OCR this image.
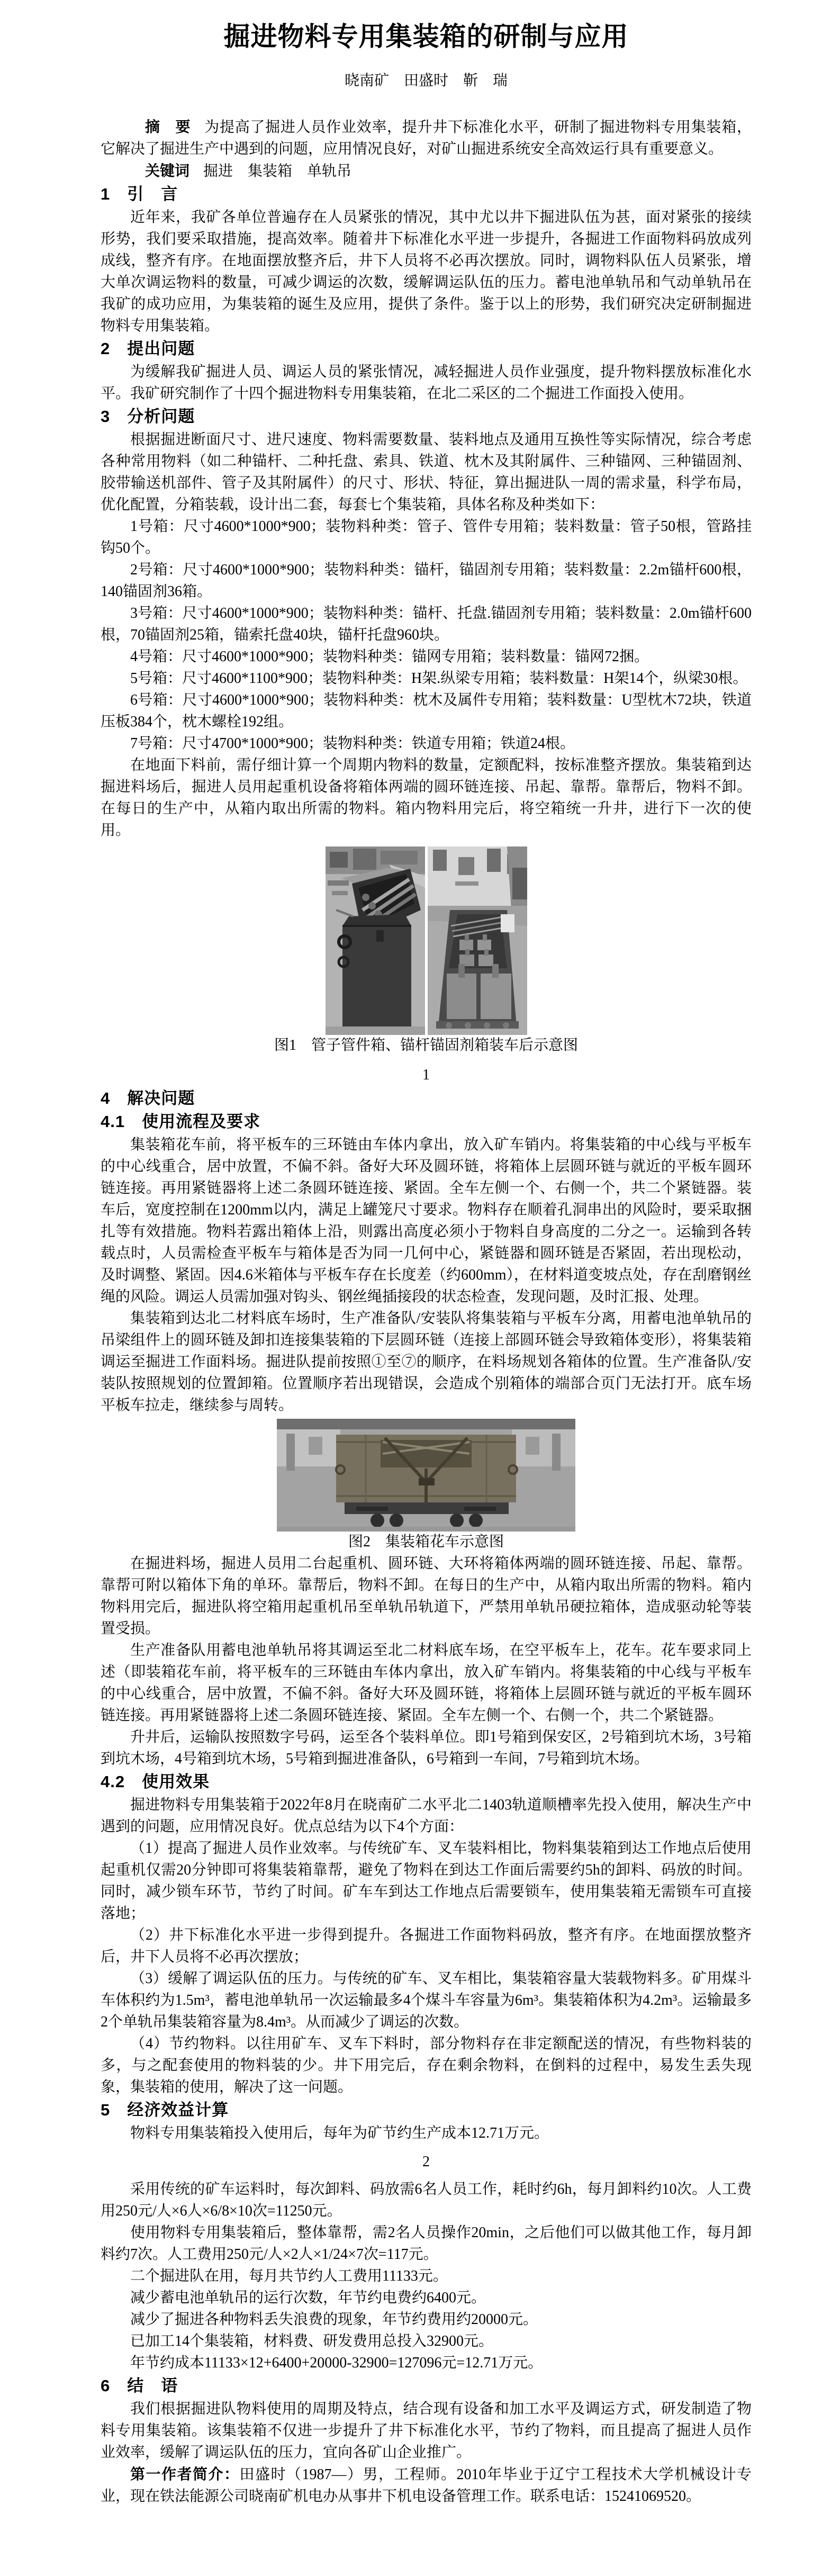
掘进物料专用集装箱的研制与应用
晓南矿　田盛时　靳　瑞

摘　要 为提高了掘进人员作业效率，提升井下标准化水平，研制了掘进物料专用集装箱，它解决了掘进生产中遇到的问题，应用情况良好，对矿山掘进系统安全高效运行具有重要意义。

关键词 掘进　集装箱　单轨吊

1　引　言

近年来，我矿各单位普遍存在人员紧张的情况，其中尤以井下掘进队伍为甚，面对紧张的接续形势，我们要采取措施，提高效率。随着井下标准化水平进一步提升，各掘进工作面物料码放成列成线，整齐有序。在地面摆放整齐后，井下人员将不必再次摆放。同时，调物料队伍人员紧张，增大单次调运物料的数量，可减少调运的次数，缓解调运队伍的压力。蓄电池单轨吊和气动单轨吊在我矿的成功应用，为集装箱的诞生及应用，提供了条件。鉴于以上的形势，我们研究决定研制掘进物料专用集装箱。

2　提出问题

为缓解我矿掘进人员、调运人员的紧张情况，减轻掘进人员作业强度，提升物料摆放标准化水平。我矿研究制作了十四个掘进物料专用集装箱，在北二采区的二个掘进工作面投入使用。

3　分析问题

根据掘进断面尺寸、进尺速度、物料需要数量、装料地点及通用互换性等实际情况，综合考虑各种常用物料（如二种锚杆、二种托盘、索具、铁道、枕木及其附属件、三种锚网、三种锚固剂、胶带输送机部件、管子及其附属件）的尺寸、形状、特征，算出掘进队一周的需求量，科学布局，优化配置，分箱装载，设计出二套，每套七个集装箱，具体名称及种类如下：

1号箱：尺寸4600*1000*900；装物料种类：管子、管件专用箱；装料数量：管子50根，管路挂钩50个。

2号箱：尺寸4600*1000*900；装物料种类：锚杆，锚固剂专用箱；装料数量：2.2m锚杆600根，140锚固剂36箱。

3号箱：尺寸4600*1000*900；装物料种类：锚杆、托盘.锚固剂专用箱；装料数量：2.0m锚杆600根，70锚固剂25箱，锚索托盘40块，锚杆托盘960块。

4号箱：尺寸4600*1000*900；装物料种类：锚网专用箱；装料数量：锚网72捆。

5号箱：尺寸4600*1100*900；装物料种类：H架.纵梁专用箱；装料数量：H架14个，纵梁30根。

6号箱：尺寸4600*1000*900；装物料种类：枕木及属件专用箱；装料数量：U型枕木72块，铁道压板384个，枕木螺栓192组。

7号箱：尺寸4700*1000*900；装物料种类：铁道专用箱；铁道24根。

在地面下料前，需仔细计算一个周期内物料的数量，定额配料，按标准整齐摆放。集装箱到达掘进料场后，掘进人员用起重机设备将箱体两端的圆环链连接、吊起、靠帮。靠帮后，物料不卸。在每日的生产中，从箱内取出所需的物料。箱内物料用完后，将空箱统一升井，进行下一次的使用。

图1　管子管件箱、锚杆锚固剂箱装车后示意图

1

4　解决问题
4.1　使用流程及要求

集装箱花车前，将平板车的三环链由车体内拿出，放入矿车销内。将集装箱的中心线与平板车的中心线重合，居中放置，不偏不斜。备好大环及圆环链，将箱体上层圆环链与就近的平板车圆环链连接。再用紧链器将上述二条圆环链连接、紧固。全车左侧一个、右侧一个，共二个紧链器。装车后，宽度控制在1200mm以内，满足上罐笼尺寸要求。物料存在顺着孔洞串出的风险时，要采取捆扎等有效措施。物料若露出箱体上沿，则露出高度必须小于物料自身高度的二分之一。运输到各转载点时，人员需检查平板车与箱体是否为同一几何中心，紧链器和圆环链是否紧固，若出现松动，及时调整、紧固。因4.6米箱体与平板车存在长度差（约600mm），在材料道变坡点处，存在刮磨钢丝绳的风险。调运人员需加强对钩头、钢丝绳插接段的状态检查，发现问题，及时汇报、处理。

集装箱到达北二材料底车场时，生产准备队/安装队将集装箱与平板车分离，用蓄电池单轨吊的吊梁组件上的圆环链及卸扣连接集装箱的下层圆环链（连接上部圆环链会导致箱体变形），将集装箱调运至掘进工作面料场。掘进队提前按照①至⑦的顺序，在料场规划各箱体的位置。生产准备队/安装队按照规划的位置卸箱。位置顺序若出现错误，会造成个别箱体的端部合页门无法打开。底车场平板车拉走，继续参与周转。

图2　集装箱花车示意图

在掘进料场，掘进人员用二台起重机、圆环链、大环将箱体两端的圆环链连接、吊起、靠帮。靠帮可附以箱体下角的单环。靠帮后，物料不卸。在每日的生产中，从箱内取出所需的物料。箱内物料用完后，掘进队将空箱用起重机吊至单轨吊轨道下，严禁用单轨吊硬拉箱体，造成驱动轮等装置受损。

生产准备队用蓄电池单轨吊将其调运至北二材料底车场，在空平板车上，花车。花车要求同上述（即装箱花车前，将平板车的三环链由车体内拿出，放入矿车销内。将集装箱的中心线与平板车的中心线重合，居中放置，不偏不斜。备好大环及圆环链，将箱体上层圆环链与就近的平板车圆环链连接。再用紧链器将上述二条圆环链连接、紧固。全车左侧一个、右侧一个，共二个紧链器。

升井后，运输队按照数字号码，运至各个装料单位。即1号箱到保安区，2号箱到坑木场，3号箱到坑木场，4号箱到坑木场，5号箱到掘进准备队，6号箱到一车间，7号箱到坑木场。

4.2　使用效果

掘进物料专用集装箱于2022年8月在晓南矿二水平北二1403轨道顺槽率先投入使用，解决生产中遇到的问题，应用情况良好。优点总结为以下4个方面：

（1）提高了掘进人员作业效率。与传统矿车、叉车装料相比，物料集装箱到达工作地点后使用起重机仅需20分钟即可将集装箱靠帮，避免了物料在到达工作面后需要约5h的卸料、码放的时间。同时，减少锁车环节，节约了时间。矿车车到达工作地点后需要锁车，使用集装箱无需锁车可直接落地；

（2）井下标准化水平进一步得到提升。各掘进工作面物料码放，整齐有序。在地面摆放整齐后，井下人员将不必再次摆放；

（3）缓解了调运队伍的压力。与传统的矿车、叉车相比，集装箱容量大装载物料多。矿用煤斗车体积约为1.5m³，蓄电池单轨吊一次运输最多4个煤斗车容量为6m³。集装箱体积为4.2m³。运输最多2个单轨吊集装箱容量为8.4m³。从而减少了调运的次数。

（4）节约物料。以往用矿车、叉车下料时，部分物料存在非定额配送的情况，有些物料装的多，与之配套使用的物料装的少。井下用完后，存在剩余物料，在倒料的过程中，易发生丢失现象，集装箱的使用，解决了这一问题。

5　经济效益计算

物料专用集装箱投入使用后，每年为矿节约生产成本12.71万元。

2

采用传统的矿车运料时，每次卸料、码放需6名人员工作，耗时约6h，每月卸料约10次。人工费用250元/人×6人×6/8×10次=11250元。

使用物料专用集装箱后，整体靠帮，需2名人员操作20min，之后他们可以做其他工作，每月卸料约7次。人工费用250元/人×2人×1/24×7次=117元。

二个掘进队在用，每月共节约人工费用11133元。

减少蓄电池单轨吊的运行次数，年节约电费约6400元。

减少了掘进各种物料丢失浪费的现象，年节约费用约20000元。

已加工14个集装箱，材料费、研发费用总投入32900元。

年节约成本11133×12+6400+20000-32900=127096元=12.71万元。

6　结　语

我们根据掘进队物料使用的周期及特点，结合现有设备和加工水平及调运方式，研发制造了物料专用集装箱。该集装箱不仅进一步提升了井下标准化水平，节约了物料，而且提高了掘进人员作业效率，缓解了调运队伍的压力，宜向各矿山企业推广。

第一作者简介：田盛时（1987—）男，工程师。2010年毕业于辽宁工程技术大学机械设计专业，现在铁法能源公司晓南矿机电办从事井下机电设备管理工作。联系电话：15241069520。
